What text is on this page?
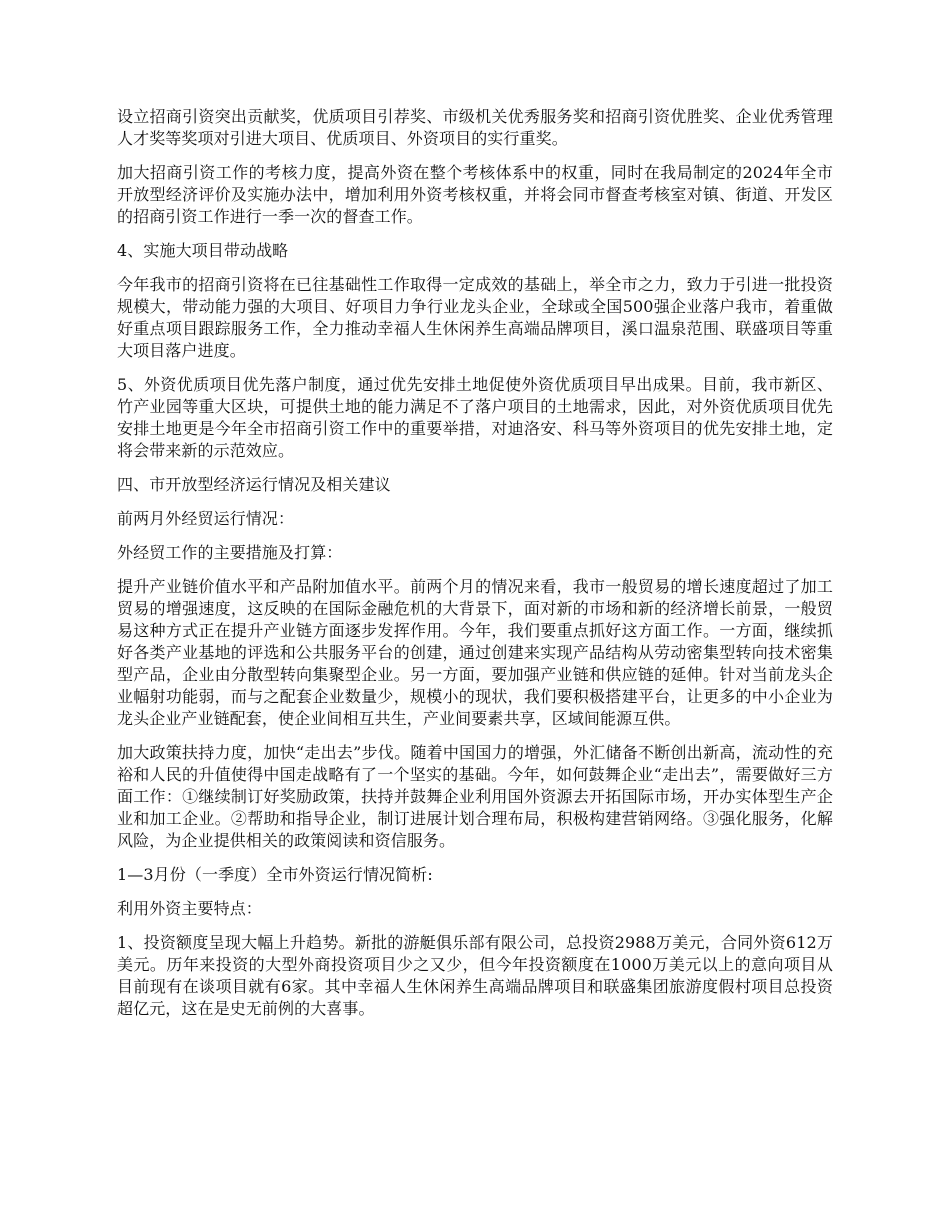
设立招商引资突出贡献奖，优质项目引荐奖、市级机关优秀服务奖和招商引资优胜奖、企业优秀管理人才奖等奖项对引进大项目、优质项目、外资项目的实行重奖。

加大招商引资工作的考核力度，提高外资在整个考核体系中的权重，同时在我局制定的2024年全市开放型经济评价及实施办法中，增加利用外资考核权重，并将会同市督查考核室对镇、街道、开发区的招商引资工作进行一季一次的督查工作。

4、实施大项目带动战略

今年我市的招商引资将在已往基础性工作取得一定成效的基础上，举全市之力，致力于引进一批投资规模大，带动能力强的大项目、好项目力争行业龙头企业，全球或全国500强企业落户我市，着重做好重点项目跟踪服务工作，全力推动幸福人生休闲养生高端品牌项目，溪口温泉范围、联盛项目等重大项目落户进度。

5、外资优质项目优先落户制度，通过优先安排土地促使外资优质项目早出成果。目前，我市新区、竹产业园等重大区块，可提供土地的能力满足不了落户项目的土地需求，因此，对外资优质项目优先安排土地更是今年全市招商引资工作中的重要举措，对迪洛安、科马等外资项目的优先安排土地，定将会带来新的示范效应。

四、市开放型经济运行情况及相关建议

前两月外经贸运行情况：

外经贸工作的主要措施及打算：

提升产业链价值水平和产品附加值水平。前两个月的情况来看，我市一般贸易的增长速度超过了加工贸易的增强速度，这反映的在国际金融危机的大背景下，面对新的市场和新的经济增长前景，一般贸易这种方式正在提升产业链方面逐步发挥作用。今年，我们要重点抓好这方面工作。一方面，继续抓好各类产业基地的评选和公共服务平台的创建，通过创建来实现产品结构从劳动密集型转向技术密集型产品，企业由分散型转向集聚型企业。另一方面，要加强产业链和供应链的延伸。针对当前龙头企业幅射功能弱，而与之配套企业数量少，规模小的现状，我们要积极搭建平台，让更多的中小企业为龙头企业产业链配套，使企业间相互共生，产业间要素共享，区域间能源互供。

加大政策扶持力度，加快“走出去”步伐。随着中国国力的增强，外汇储备不断创出新高，流动性的充裕和人民的升值使得中国走战略有了一个坚实的基础。今年，如何鼓舞企业“走出去”，需要做好三方面工作：①继续制订好奖励政策，扶持并鼓舞企业利用国外资源去开拓国际市场，开办实体型生产企业和加工企业。②帮助和指导企业，制订进展计划合理布局，积极构建营销网络。③强化服务，化解风险，为企业提供相关的政策阅读和资信服务。

1—3月份（一季度）全市外资运行情况简析:

利用外资主要特点：

1、投资额度呈现大幅上升趋势。新批的游艇俱乐部有限公司，总投资2988万美元，合同外资612万美元。历年来投资的大型外商投资项目少之又少，但今年投资额度在1000万美元以上的意向项目从目前现有在谈项目就有6家。其中幸福人生休闲养生高端品牌项目和联盛集团旅游度假村项目总投资超亿元，这在是史无前例的大喜事。
